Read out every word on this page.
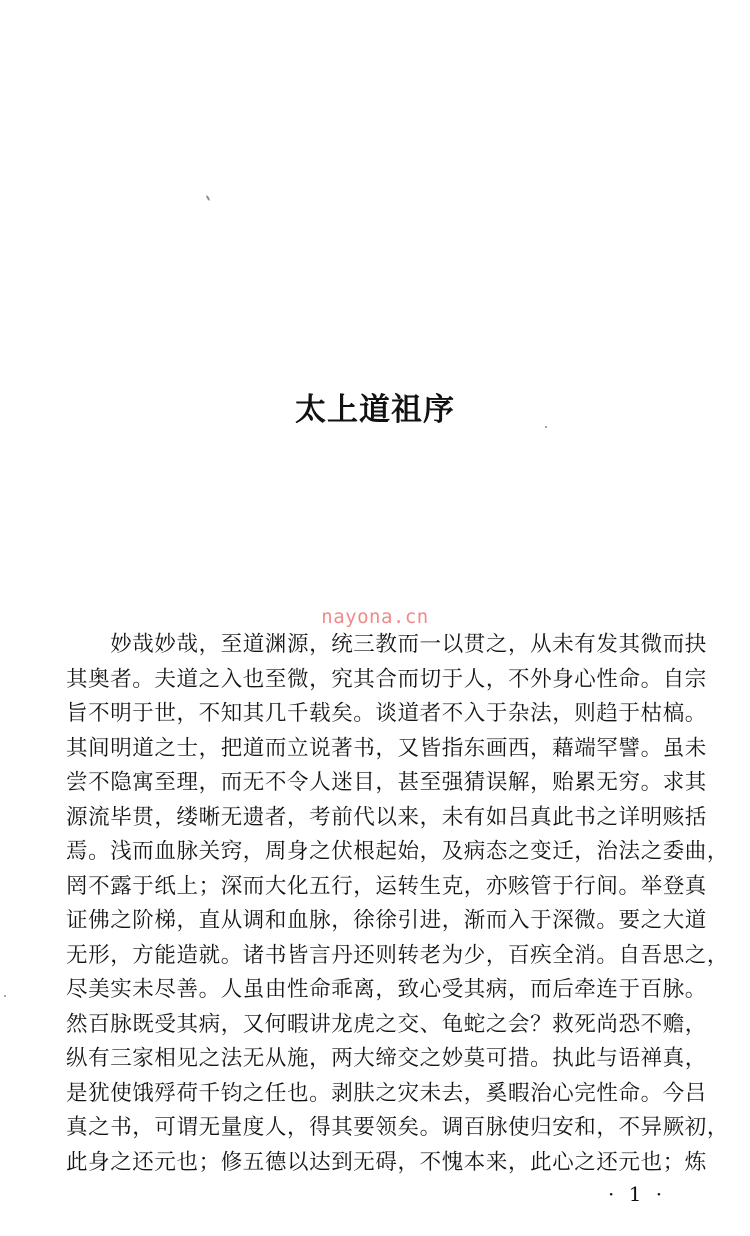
太上道祖序
nayona.cn

　　妙哉妙哉，至道渊源，统三教而一以贯之，从未有发其微而抉
其奥者。夫道之入也至微，究其合而切于人，不外身心性命。自宗
旨不明于世，不知其几千载矣。谈道者不入于杂法，则趋于枯槁。
其间明道之士，把道而立说著书，又皆指东画西，藉端罕譬。虽未
尝不隐寓至理，而无不令人迷目，甚至强猜误解，贻累无穷。求其
源流毕贯，缕晰无遗者，考前代以来，未有如吕真此书之详明赅括
焉。浅而血脉关窍，周身之伏根起始，及病态之变迁，治法之委曲，
罔不露于纸上；深而大化五行，运转生克，亦赅管于行间。举登真
证佛之阶梯，直从调和血脉，徐徐引进，渐而入于深微。要之大道
无形，方能造就。诸书皆言丹还则转老为少，百疾全消。自吾思之，
尽美实未尽善。人虽由性命乖离，致心受其病，而后牵连于百脉。
然百脉既受其病，又何暇讲龙虎之交、龟蛇之会？救死尚恐不赡，
纵有三家相见之法无从施，两大缔交之妙莫可措。执此与语禅真，
是犹使饿殍荷千钧之任也。剥肤之灾未去，奚暇治心完性命。今吕
真之书，可谓无量度人，得其要领矣。调百脉使归安和，不异厥初，
此身之还元也；修五德以达到无碍，不愧本来，此心之还元也；炼

· 1 ·
